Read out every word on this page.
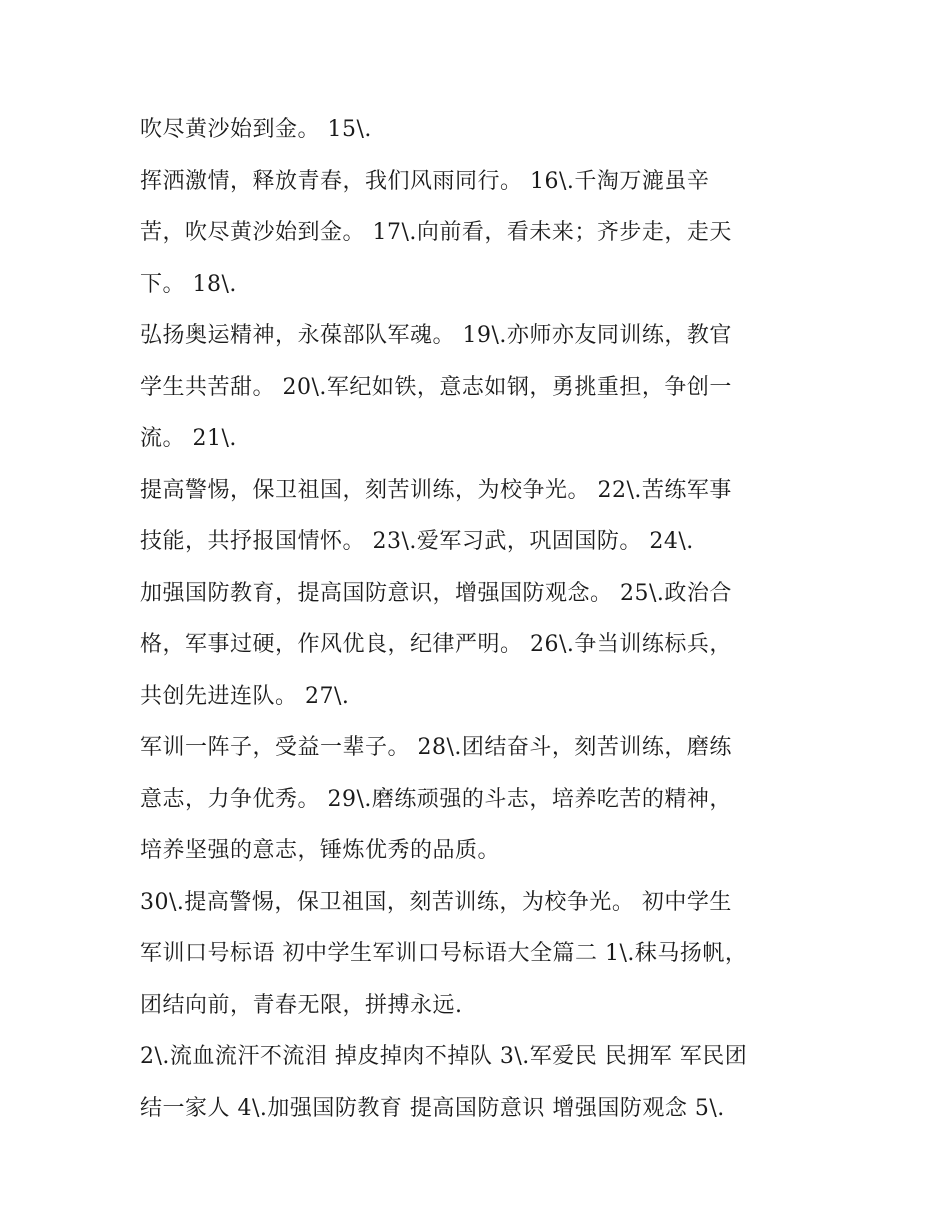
吹尽黄沙始到金。 15\.
挥洒激情，释放青春，我们风雨同行。 16\.千淘万漉虽辛
苦，吹尽黄沙始到金。 17\.向前看，看未来；齐步走，走天
下。 18\.
弘扬奥运精神，永葆部队军魂。 19\.亦师亦友同训练，教官
学生共苦甜。 20\.军纪如铁，意志如钢，勇挑重担，争创一
流。 21\.
提高警惕，保卫祖国，刻苦训练，为校争光。 22\.苦练军事
技能，共抒报国情怀。 23\.爱军习武，巩固国防。 24\.
加强国防教育，提高国防意识，增强国防观念。 25\.政治合
格，军事过硬，作风优良，纪律严明。 26\.争当训练标兵，
共创先进连队。 27\.
军训一阵子，受益一辈子。 28\.团结奋斗，刻苦训练，磨练
意志，力争优秀。 29\.磨练顽强的斗志，培养吃苦的精神，
培养坚强的意志，锤炼优秀的品质。
30\.提高警惕，保卫祖国，刻苦训练，为校争光。 初中学生
军训口号标语 初中学生军训口号标语大全篇二 1\.秣马扬帆，
团结向前，青春无限，拼搏永远.
2\.流血流汗不流泪 掉皮掉肉不掉队 3\.军爱民 民拥军 军民团
结一家人 4\.加强国防教育 提高国防意识 增强国防观念 5\.
